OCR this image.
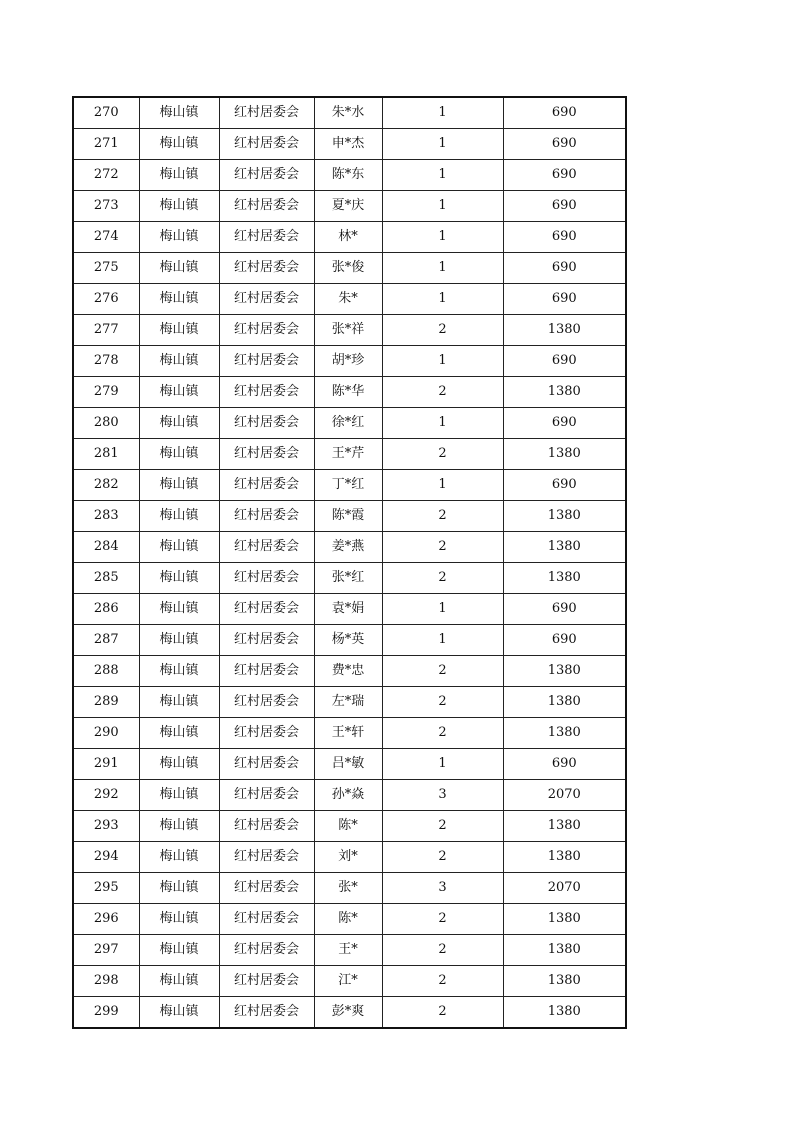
270	梅山镇	红村居委会	朱*水	1	690
271	梅山镇	红村居委会	申*杰	1	690
272	梅山镇	红村居委会	陈*东	1	690
273	梅山镇	红村居委会	夏*庆	1	690
274	梅山镇	红村居委会	林*	1	690
275	梅山镇	红村居委会	张*俊	1	690
276	梅山镇	红村居委会	朱*	1	690
277	梅山镇	红村居委会	张*祥	2	1380
278	梅山镇	红村居委会	胡*珍	1	690
279	梅山镇	红村居委会	陈*华	2	1380
280	梅山镇	红村居委会	徐*红	1	690
281	梅山镇	红村居委会	王*芹	2	1380
282	梅山镇	红村居委会	丁*红	1	690
283	梅山镇	红村居委会	陈*霞	2	1380
284	梅山镇	红村居委会	姜*燕	2	1380
285	梅山镇	红村居委会	张*红	2	1380
286	梅山镇	红村居委会	袁*娟	1	690
287	梅山镇	红村居委会	杨*英	1	690
288	梅山镇	红村居委会	费*忠	2	1380
289	梅山镇	红村居委会	左*瑞	2	1380
290	梅山镇	红村居委会	王*轩	2	1380
291	梅山镇	红村居委会	吕*敏	1	690
292	梅山镇	红村居委会	孙*焱	3	2070
293	梅山镇	红村居委会	陈*	2	1380
294	梅山镇	红村居委会	刘*	2	1380
295	梅山镇	红村居委会	张*	3	2070
296	梅山镇	红村居委会	陈*	2	1380
297	梅山镇	红村居委会	王*	2	1380
298	梅山镇	红村居委会	江*	2	1380
299	梅山镇	红村居委会	彭*爽	2	1380
